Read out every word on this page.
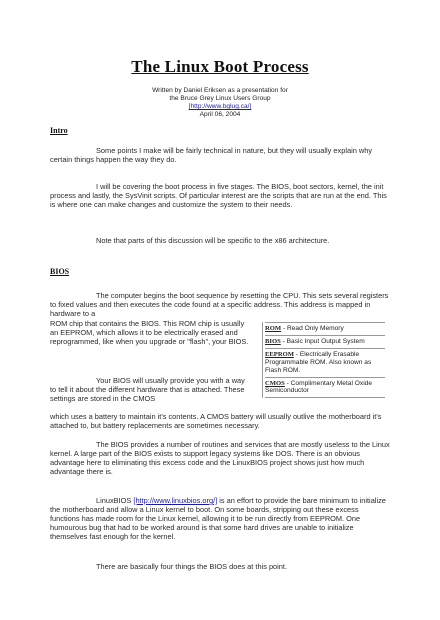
The Linux Boot Process
Written by Daniel Eriksen as a presentation for
the Bruce Grey Linux Users Group
[http://www.bglug.ca/]
April 06, 2004
Intro
Some points I make will be fairly technical in nature, but they will usually explain why certain things happen the way they do.
I will be covering the boot process in five stages. The BIOS, boot sectors, kernel, the init process and lastly, the SysVinit scripts. Of particular interest are the scripts that are run at the end. This is where one can make changes and customize the system to their needs.
Note that parts of this discussion will be specific to the x86 architecture.
BIOS
The computer begins the boot sequence by resetting the CPU. This sets several registers to fixed values and then executes the code found at a specific address. This address is mapped in hardware to a
ROM chip that contains the BIOS. This ROM chip is usually an EEPROM, which allows it to be electrically erased and reprogrammed, like when you upgrade or "flash", your BIOS.
Your BIOS will usually provide you with a way to tell it about the different hardware that is attached. These settings are stored in the CMOS
which uses a battery to maintain it's contents. A CMOS battery will usually outlive the motherboard it's attached to, but battery replacements are sometimes necessary.
The BIOS provides a number of routines and services that are mostly useless to the Linux kernel. A large part of the BIOS exists to support legacy systems like DOS. There is an obvious advantage here to eliminating this excess code and the LinuxBIOS project shows just how much advantage there is.
LinuxBIOS [http://www.linuxbios.org/] is an effort to provide the bare minimum to initialize the motherboard and allow a Linux kernel to boot. On some boards, stripping out these excess functions has made room for the Linux kernel, allowing it to be run directly from EEPROM. One humourous bug that had to be worked around is that some hard drives are unable to initialize themselves fast enough for the kernel.
There are basically four things the BIOS does at this point.
ROM - Read Only Memory
BIOS - Basic Input Output System
EEPROM - Electrically Erasable Programmable ROM. Also known as Flash ROM.
CMOS - Complimentary Metal Oxide Semiconductor
